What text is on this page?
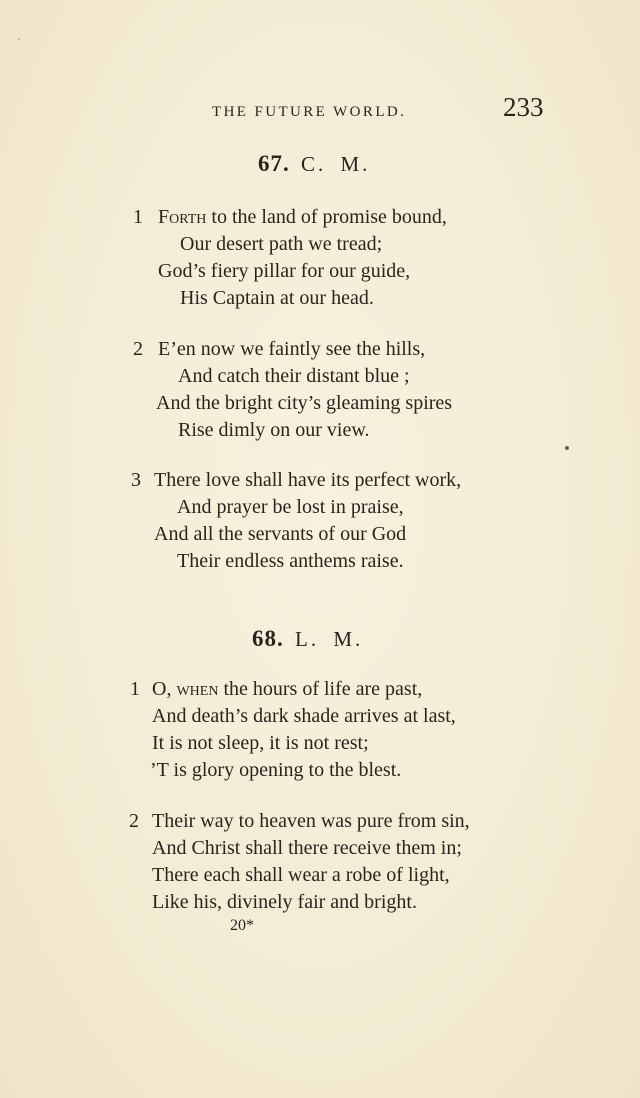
THE FUTURE WORLD.	233
67. C. M.
1 Forth to the land of promise bound,
Our desert path we tread;
God’s fiery pillar for our guide,
His Captain at our head.
2 E’en now we faintly see the hills,
And catch their distant blue ;
And the bright city’s gleaming spires
Rise dimly on our view.
3 There love shall have its perfect work,
And prayer be lost in praise,
And all the servants of our God
Their endless anthems raise.
68. L. M.
1 O, when the hours of life are past,
And death’s dark shade arrives at last,
It is not sleep, it is not rest;
’T is glory opening to the blest.
2 Their way to heaven was pure from sin,
And Christ shall there receive them in;
There each shall wear a robe of light,
Like his, divinely fair and bright.
20*
